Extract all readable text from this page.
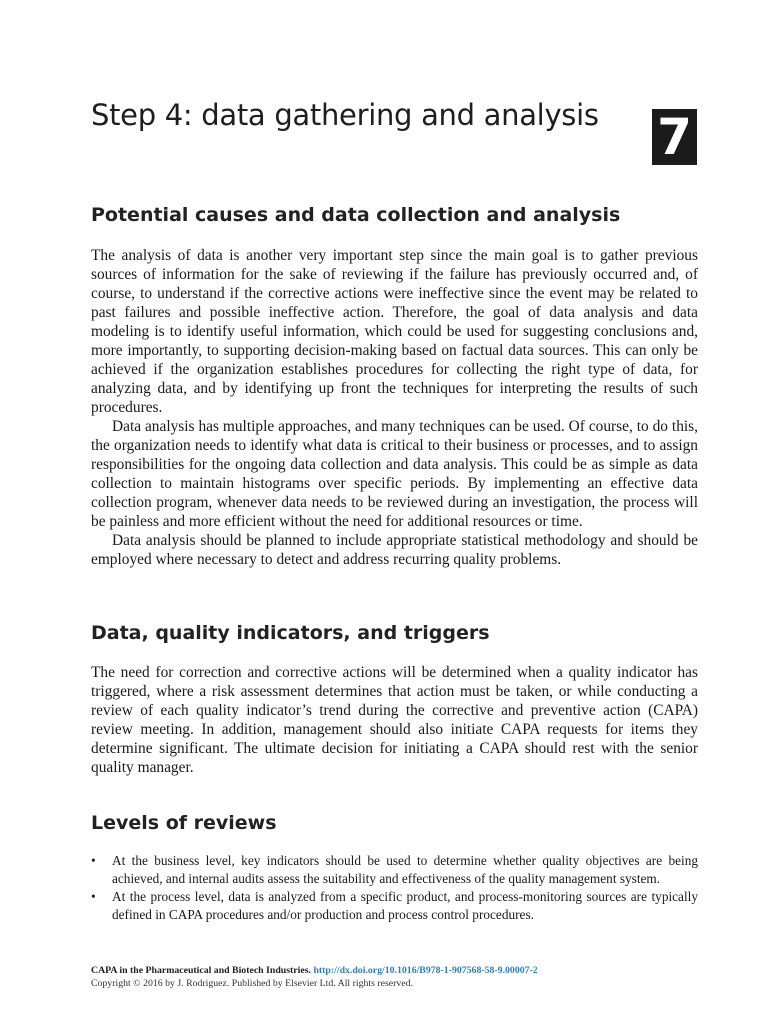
Step 4: data gathering and analysis	7
Potential causes and data collection and analysis

The analysis of data is another very important step since the main goal is to gather previous sources of information for the sake of reviewing if the failure has previously occurred and, of course, to understand if the corrective actions were ineffective since the event may be related to past failures and possible ineffective action. Therefore, the goal of data analysis and data modeling is to identify useful information, which could be used for suggesting conclusions and, more importantly, to supporting decision-making based on factual data sources. This can only be achieved if the organization establishes procedures for collecting the right type of data, for analyzing data, and by identifying up front the techniques for interpreting the results of such procedures.

Data analysis has multiple approaches, and many techniques can be used. Of course, to do this, the organization needs to identify what data is critical to their business or processes, and to assign responsibilities for the ongoing data collection and data analysis. This could be as simple as data collection to maintain histograms over specific periods. By implementing an effective data collection program, whenever data needs to be reviewed during an investigation, the process will be painless and more efficient without the need for additional resources or time.

Data analysis should be planned to include appropriate statistical methodology and should be employed where necessary to detect and address recurring quality problems.

Data, quality indicators, and triggers

The need for correction and corrective actions will be determined when a quality indicator has triggered, where a risk assessment determines that action must be taken, or while conducting a review of each quality indicator’s trend during the corrective and preventive action (CAPA) review meeting. In addition, management should also initiate CAPA requests for items they determine significant. The ultimate decision for initiating a CAPA should rest with the senior quality manager.

Levels of reviews
• At the business level, key indicators should be used to determine whether quality objectives are being achieved, and internal audits assess the suitability and effectiveness of the quality management system.
• At the process level, data is analyzed from a specific product, and process-monitoring sources are typically defined in CAPA procedures and/or production and process control procedures.
CAPA in the Pharmaceutical and Biotech Industries. http://dx.doi.org/10.1016/B978-1-907568-58-9.00007-2
Copyright © 2016 by J. Rodriguez. Published by Elsevier Ltd. All rights reserved.
